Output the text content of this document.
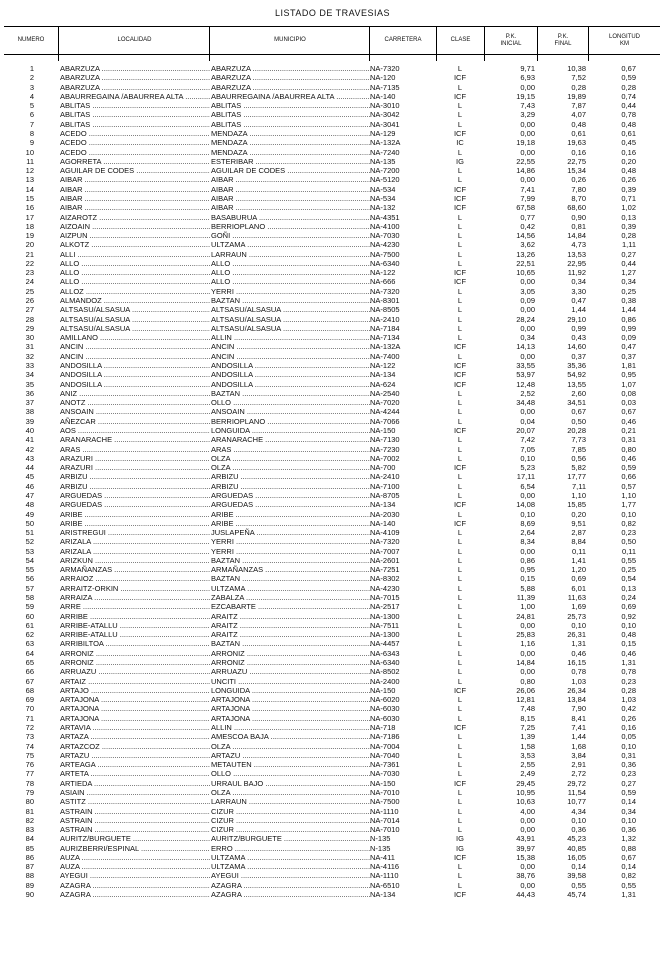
LISTADO DE TRAVESIAS
NUMERO	LOCALIDAD	MUNICIPIO	CARRETERA	CLASE
P.K.
INICIAL
P.K.
FINAL
LONGITUD
KM
1	ABARZUZA .....	ABARZUZA .....	NA-7320	L	9,71	10,38	0,67
2	ABARZUZA .....	ABARZUZA .....	NA-120	ICF	6,93	7,52	0,59
3	ABARZUZA .....	ABARZUZA .....	NA-7135	L	0,00	0,28	0,28
4	ABAURREGAINA /ABAURREA ALTA .....	ABAURREGAINA /ABAURREA ALTA .....	NA-140	ICF	19,15	19,89	0,74
5	ABLITAS .....	ABLITAS .....	NA-3010	L	7,43	7,87	0,44
6	ABLITAS .....	ABLITAS .....	NA-3042	L	3,29	4,07	0,78
7	ABLITAS .....	ABLITAS .....	NA-3041	L	0,00	0,48	0,48
8	ACEDO .....	MENDAZA .....	NA-129	ICF	0,00	0,61	0,61
9	ACEDO .....	MENDAZA .....	NA-132A	IC	19,18	19,63	0,45
10	ACEDO .....	MENDAZA .....	NA-7240	L	0,00	0,16	0,16
11	AGORRETA .....	ESTERIBAR .....	NA-135	IG	22,55	22,75	0,20
12	AGUILAR DE CODES .....	AGUILAR DE CODES .....	NA-7200	L	14,86	15,34	0,48
13	AIBAR .....	AIBAR .....	NA-5120	L	0,00	0,26	0,26
14	AIBAR .....	AIBAR .....	NA-534	ICF	7,41	7,80	0,39
15	AIBAR .....	AIBAR .....	NA-534	ICF	7,99	8,70	0,71
16	AIBAR .....	AIBAR .....	NA-132	ICF	67,58	68,60	1,02
17	AIZAROTZ .....	BASABURUA .....	NA-4351	L	0,77	0,90	0,13
18	AIZOAIN .....	BERRIOPLANO .....	NA-4100	L	0,42	0,81	0,39
19	AIZPUN .....	GOÑI .....	NA-7030	L	14,56	14,84	0,28
20	ALKOTZ .....	ULTZAMA .....	NA-4230	L	3,62	4,73	1,11
21	ALLI .....	LARRAUN .....	NA-7500	L	13,26	13,53	0,27
22	ALLO .....	ALLO .....	NA-6340	L	22,51	22,95	0,44
23	ALLO .....	ALLO .....	NA-122	ICF	10,65	11,92	1,27
24	ALLO .....	ALLO .....	NA-666	ICF	0,00	0,34	0,34
25	ALLOZ .....	YERRI .....	NA-7320	L	3,05	3,30	0,25
26	ALMANDOZ .....	BAZTAN .....	NA-8301	L	0,09	0,47	0,38
27	ALTSASU/ALSASUA .....	ALTSASU/ALSASUA .....	NA-8505	L	0,00	1,44	1,44
28	ALTSASU/ALSASUA .....	ALTSASU/ALSASUA .....	NA-2410	L	28,24	29,10	0,86
29	ALTSASU/ALSASUA .....	ALTSASU/ALSASUA .....	NA-7184	L	0,00	0,99	0,99
30	AMILLANO .....	ALLIN .....	NA-7134	L	0,34	0,43	0,09
31	ANCIN .....	ANCIN .....	NA-132A	ICF	14,13	14,60	0,47
32	ANCIN .....	ANCIN .....	NA-7400	L	0,00	0,37	0,37
33	ANDOSILLA .....	ANDOSILLA .....	NA-122	ICF	33,55	35,36	1,81
34	ANDOSILLA .....	ANDOSILLA .....	NA-134	ICF	53,97	54,92	0,95
35	ANDOSILLA .....	ANDOSILLA .....	NA-624	ICF	12,48	13,55	1,07
36	ANIZ .....	BAZTAN .....	NA-2540	L	2,52	2,60	0,08
37	ANOTZ .....	OLLO .....	NA-7020	L	34,48	34,51	0,03
38	ANSOAIN .....	ANSOAIN .....	NA-4244	L	0,00	0,67	0,67
39	AÑEZCAR .....	BERRIOPLANO .....	NA-7066	L	0,04	0,50	0,46
40	AOS .....	LONGUIDA .....	NA-150	ICF	20,07	20,28	0,21
41	ARANARACHE .....	ARANARACHE .....	NA-7130	L	7,42	7,73	0,31
42	ARAS .....	ARAS .....	NA-7230	L	7,05	7,85	0,80
43	ARAZURI .....	OLZA .....	NA-7002	L	0,10	0,56	0,46
44	ARAZURI .....	OLZA .....	NA-700	ICF	5,23	5,82	0,59
45	ARBIZU .....	ARBIZU .....	NA-2410	L	17,11	17,77	0,66
46	ARBIZU .....	ARBIZU .....	NA-7100	L	6,54	7,11	0,57
47	ARGUEDAS .....	ARGUEDAS .....	NA-8705	L	0,00	1,10	1,10
48	ARGUEDAS .....	ARGUEDAS .....	NA-134	ICF	14,08	15,85	1,77
49	ARIBE .....	ARIBE .....	NA-2030	L	0,10	0,20	0,10
50	ARIBE .....	ARIBE .....	NA-140	ICF	8,69	9,51	0,82
51	ARISTREGUI .....	JUSLAPEÑA .....	NA-4109	L	2,64	2,87	0,23
52	ARIZALA .....	YERRI .....	NA-7320	L	8,34	8,84	0,50
53	ARIZALA .....	YERRI .....	NA-7007	L	0,00	0,11	0,11
54	ARIZKUN .....	BAZTAN .....	NA-2601	L	0,86	1,41	0,55
55	ARMAÑANZAS .....	ARMAÑANZAS .....	NA-7251	L	0,95	1,20	0,25
56	ARRAIOZ .....	BAZTAN .....	NA-8302	L	0,15	0,69	0,54
57	ARRAITZ-ORKIN .....	ULTZAMA .....	NA-4230	L	5,88	6,01	0,13
58	ARRAIZA .....	ZABALZA .....	NA-7015	L	11,39	11,63	0,24
59	ARRE .....	EZCABARTE .....	NA-2517	L	1,00	1,69	0,69
60	ARRIBE .....	ARAITZ .....	NA-1300	L	24,81	25,73	0,92
61	ARRIBE-ATALLU .....	ARAITZ .....	NA-7511	L	0,00	0,10	0,10
62	ARRIBE-ATALLU .....	ARAITZ .....	NA-1300	L	25,83	26,31	0,48
63	ARRIBILTOA .....	BAZTAN .....	NA-4457	L	1,16	1,31	0,15
64	ARRONIZ .....	ARRONIZ .....	NA-6343	L	0,00	0,46	0,46
65	ARRONIZ .....	ARRONIZ .....	NA-6340	L	14,84	16,15	1,31
66	ARRUAZU .....	ARRUAZU .....	NA-8502	L	0,00	0,78	0,78
67	ARTAIZ .....	UNCITI .....	NA-2400	L	0,80	1,03	0,23
68	ARTAJO .....	LONGUIDA .....	NA-150	ICF	26,06	26,34	0,28
69	ARTAJONA .....	ARTAJONA .....	NA-6020	L	12,81	13,84	1,03
70	ARTAJONA .....	ARTAJONA .....	NA-6030	L	7,48	7,90	0,42
71	ARTAJONA .....	ARTAJONA .....	NA-6030	L	8,15	8,41	0,26
72	ARTAVIA .....	ALLIN .....	NA-718	ICF	7,25	7,41	0,16
73	ARTAZA .....	AMESCOA BAJA .....	NA-7186	L	1,39	1,44	0,05
74	ARTAZCOZ .....	OLZA .....	NA-7004	L	1,58	1,68	0,10
75	ARTAZU .....	ARTAZU .....	NA-7040	L	3,53	3,84	0,31
76	ARTEAGA .....	METAUTEN .....	NA-7361	L	2,55	2,91	0,36
77	ARTETA .....	OLLO .....	NA-7030	L	2,49	2,72	0,23
78	ARTIEDA .....	URRAUL BAJO .....	NA-150	ICF	29,45	29,72	0,27
79	ASIAIN .....	OLZA .....	NA-7010	L	10,95	11,54	0,59
80	ASTITZ .....	LARRAUN .....	NA-7500	L	10,63	10,77	0,14
81	ASTRAIN .....	CIZUR .....	NA-1110	L	4,00	4,34	0,34
82	ASTRAIN .....	CIZUR .....	NA-7014	L	0,00	0,10	0,10
83	ASTRAIN .....	CIZUR .....	NA-7010	L	0,00	0,36	0,36
84	AURITZ/BURGUETE .....	AURITZ/BURGUETE .....	N-135	IG	43,91	45,23	1,32
85	AURIZBERRI/ESPINAL .....	ERRO .....	N-135	IG	39,97	40,85	0,88
86	AUZA .....	ULTZAMA .....	NA-411	ICF	15,38	16,05	0,67
87	AUZA .....	ULTZAMA .....	NA-4116	L	0,00	0,14	0,14
88	AYEGUI .....	AYEGUI .....	NA-1110	L	38,76	39,58	0,82
89	AZAGRA .....	AZAGRA .....	NA-6510	L	0,00	0,55	0,55
90	AZAGRA .....	AZAGRA .....	NA-134	ICF	44,43	45,74	1,31
